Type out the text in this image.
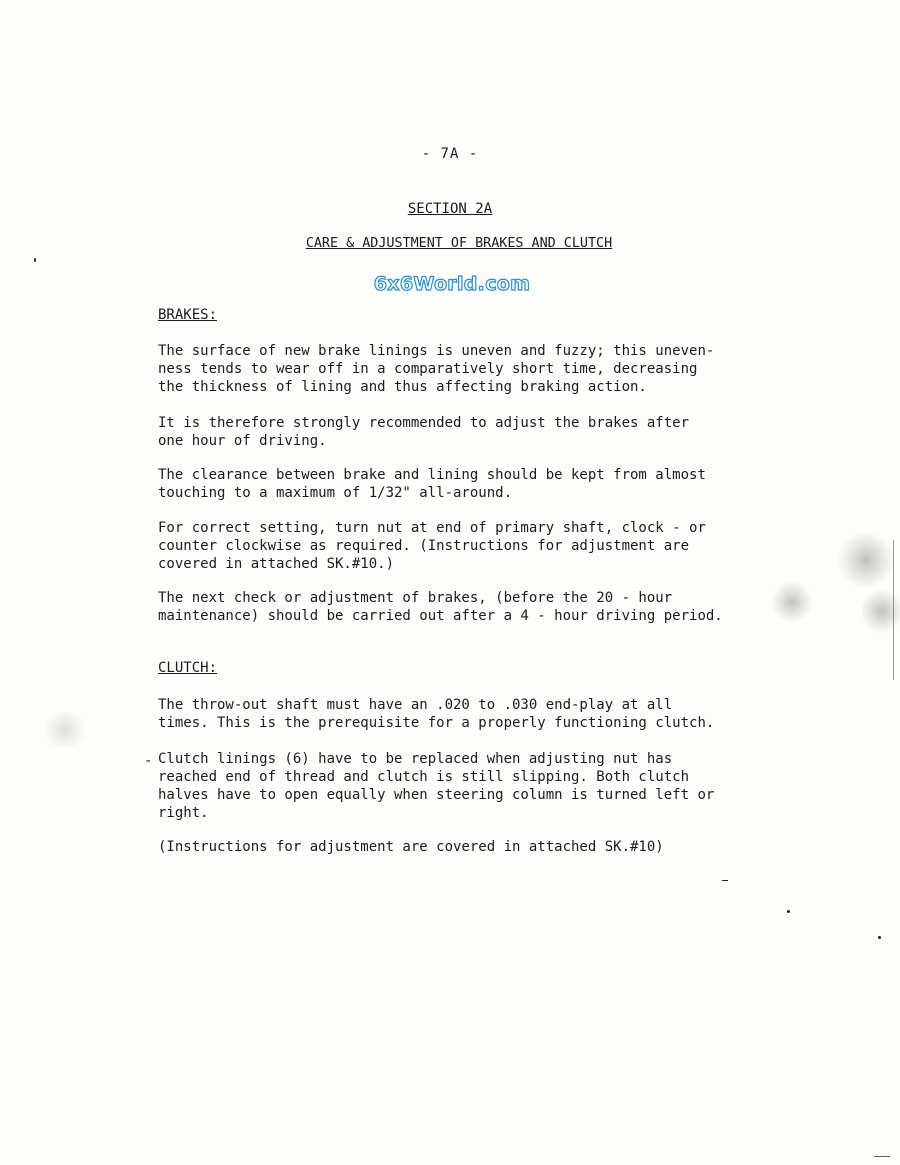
- 7A -
SECTION 2A
CARE & ADJUSTMENT OF BRAKES AND CLUTCH
6x6World.com
BRAKES:
The surface of new brake linings is uneven and fuzzy; this uneven-
ness tends to wear off in a comparatively short time, decreasing
the thickness of lining and thus affecting braking action.
It is therefore strongly recommended to adjust the brakes after
one hour of driving.
The clearance between brake and lining should be kept from almost
touching to a maximum of 1/32" all-around.
For correct setting, turn nut at end of primary shaft, clock - or
counter clockwise as required. (Instructions for adjustment are
covered in attached SK.#10.)
The next check or adjustment of brakes, (before the 20 - hour
maintenance) should be carried out after a 4 - hour driving period.
CLUTCH:
The throw-out shaft must have an .020 to .030 end-play at all
times. This is the prerequisite for a properly functioning clutch.
- Clutch linings (6) have to be replaced when adjusting nut has
reached end of thread and clutch is still slipping. Both clutch
halves have to open equally when steering column is turned left or
right.
(Instructions for adjustment are covered in attached SK.#10)
